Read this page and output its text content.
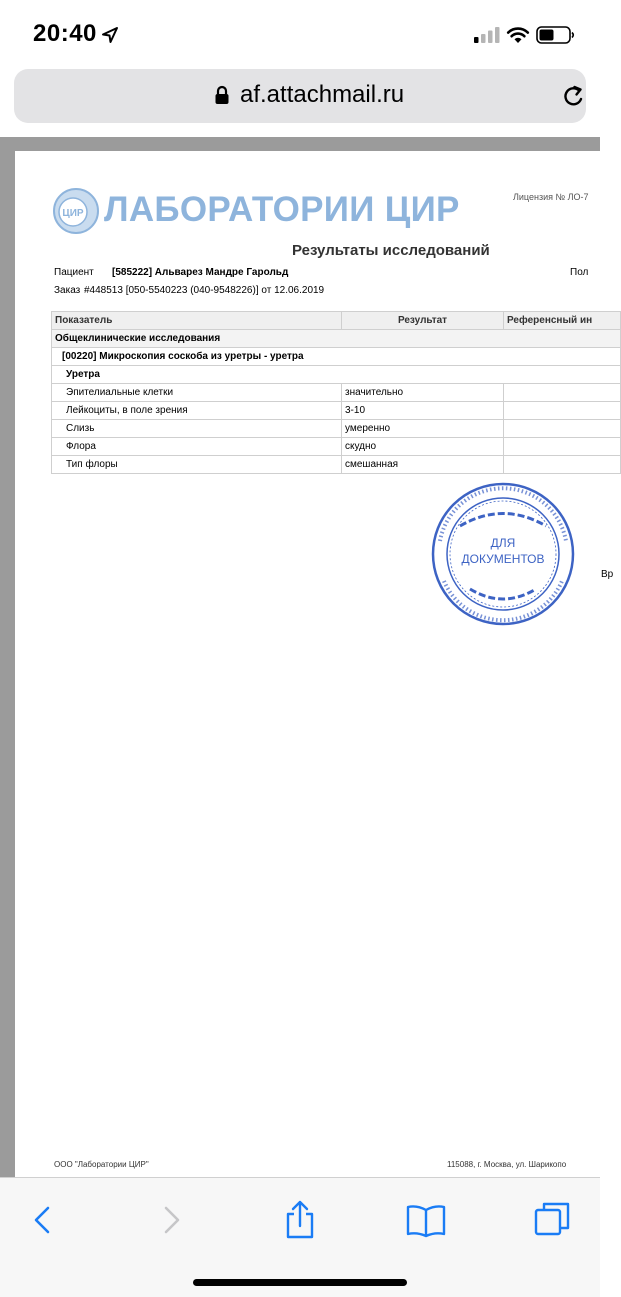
20:40
af.attachmail.ru
ЦИР ЛАБОРАТОРИИ ЦИР	Лицензия № ЛО-7
Результаты исследований
Пациент [585222] Альварез Мандре Гарольд	Пол
Заказ #448513 [050-5540223 (040-9548226)] от 12.06.2019
Показатель	Результат	Референсный ин
Общеклинические исследования		
[00220] Микроскопия соскоба из уретры - уретра		
Уретра		
Эпителиальные клетки	значительно	
Лейкоциты, в поле зрения	3-10	
Слизь	умеренно	
Флора	скудно	
Тип флоры	смешанная	
ДЛЯ
ДОКУМЕНТОВ
Вр
ООО "Лаборатории ЦИР"	115088, г. Москва, ул. Шарикопо
